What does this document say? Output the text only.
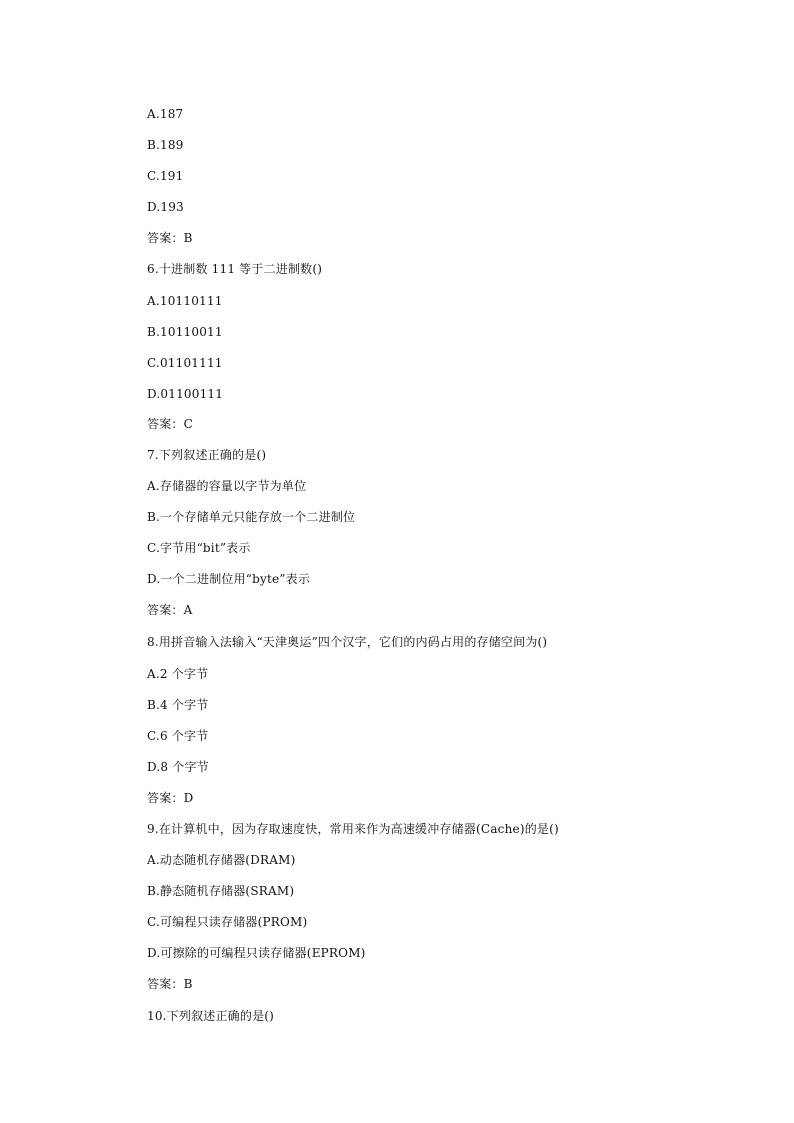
A.187
B.189
C.191
D.193
答案：B
6.十进制数 111 等于二进制数()
A.10110111
B.10110011
C.01101111
D.01100111
答案：C
7.下列叙述正确的是()
A.存储器的容量以字节为单位
B.一个存储单元只能存放一个二进制位
C.字节用“bit”表示
D.一个二进制位用“byte”表示
答案：A
8.用拼音输入法输入“天津奥运”四个汉字，它们的内码占用的存储空间为()
A.2 个字节
B.4 个字节
C.6 个字节
D.8 个字节
答案：D
9.在计算机中，因为存取速度快，常用来作为高速缓冲存储器(Cache)的是()
A.动态随机存储器(DRAM)
B.静态随机存储器(SRAM)
C.可编程只读存储器(PROM)
D.可擦除的可编程只读存储器(EPROM)
答案：B
10.下列叙述正确的是()
